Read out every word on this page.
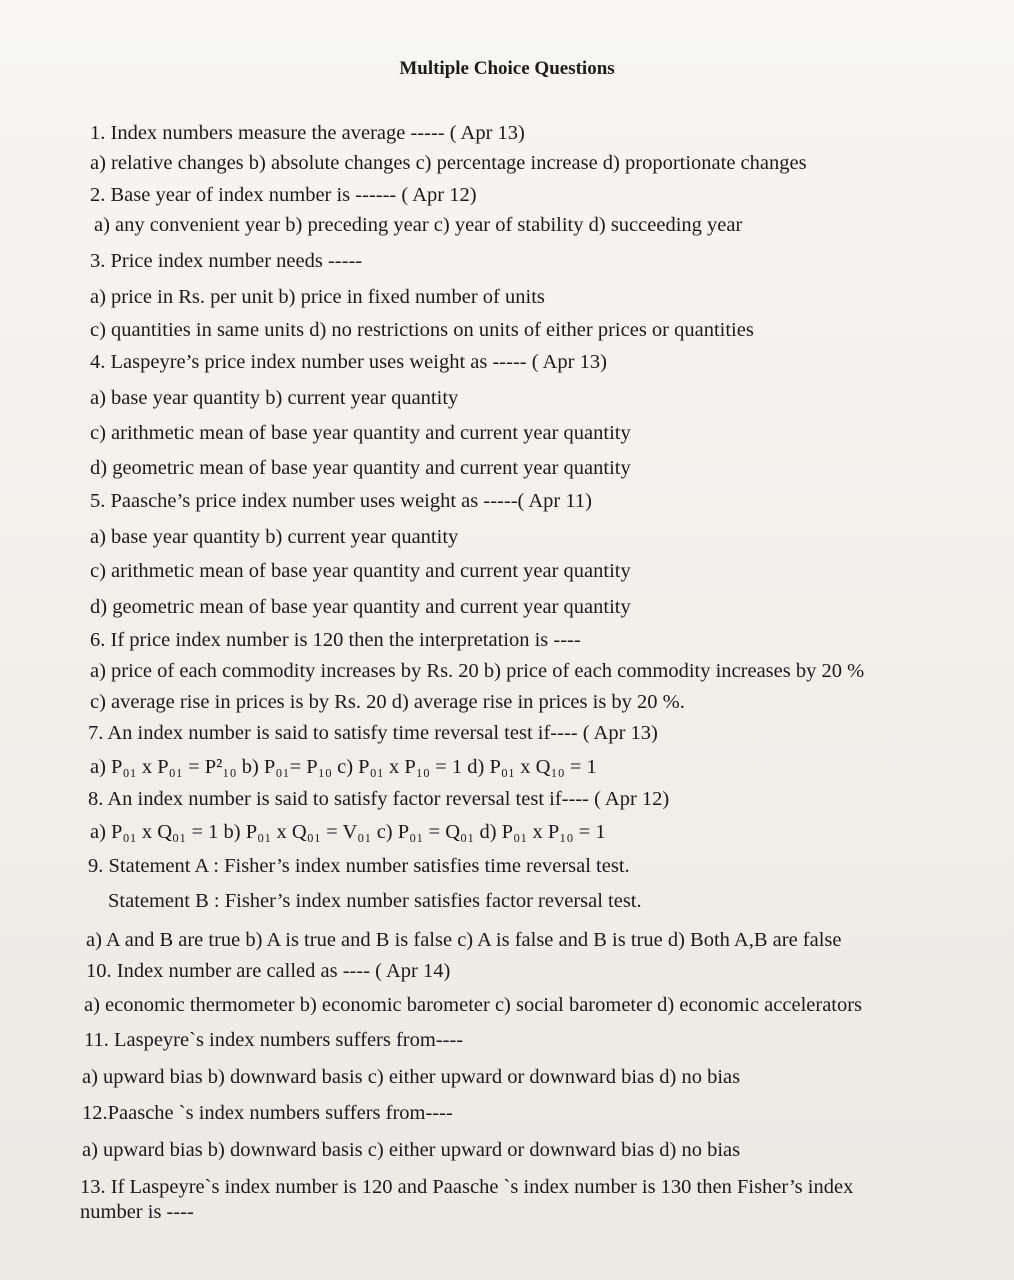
Multiple Choice Questions
1. Index numbers measure the average ----- ( Apr 13)
a) relative changes b) absolute changes c) percentage increase d) proportionate changes
2. Base year of index number is ------ ( Apr 12)
a) any convenient year b) preceding year c) year of stability d) succeeding year
3. Price index number needs -----
a) price in Rs. per unit b) price in fixed number of units
c) quantities in same units d) no restrictions on units of either prices or quantities
4. Laspeyre’s price index number uses weight as ----- ( Apr 13)
a) base year quantity b) current year quantity
c) arithmetic mean of base year quantity and current year quantity
d) geometric mean of base year quantity and current year quantity
5. Paasche’s price index number uses weight as -----( Apr 11)
a) base year quantity b) current year quantity
c) arithmetic mean of base year quantity and current year quantity
d) geometric mean of base year quantity and current year quantity
6. If price index number is 120 then the interpretation is ----
a) price of each commodity increases by Rs. 20 b) price of each commodity increases by 20 %
c) average rise in prices is by Rs. 20 d) average rise in prices is by 20 %.
7. An index number is said to satisfy time reversal test if---- ( Apr 13)
a) P₀₁ x P₀₁ = P²₁₀ b) P₀₁= P₁₀ c) P₀₁ x P₁₀ = 1 d) P₀₁ x Q₁₀ = 1
8. An index number is said to satisfy factor reversal test if---- ( Apr 12)
a) P₀₁ x Q₀₁ = 1 b) P₀₁ x Q₀₁ = V₀₁ c) P₀₁ = Q₀₁ d) P₀₁ x P₁₀ = 1
9. Statement A : Fisher’s index number satisfies time reversal test.
Statement B : Fisher’s index number satisfies factor reversal test.
a) A and B are true b) A is true and B is false c) A is false and B is true d) Both A,B are false
10. Index number are called as ---- ( Apr 14)
a) economic thermometer b) economic barometer c) social barometer d) economic accelerators
11. Laspeyre`s index numbers suffers from----
a) upward bias b) downward basis c) either upward or downward bias d) no bias
12.Paasche `s index numbers suffers from----
a) upward bias b) downward basis c) either upward or downward bias d) no bias
13. If Laspeyre`s index number is 120 and Paasche `s index number is 130 then Fisher’s index
number is ----
